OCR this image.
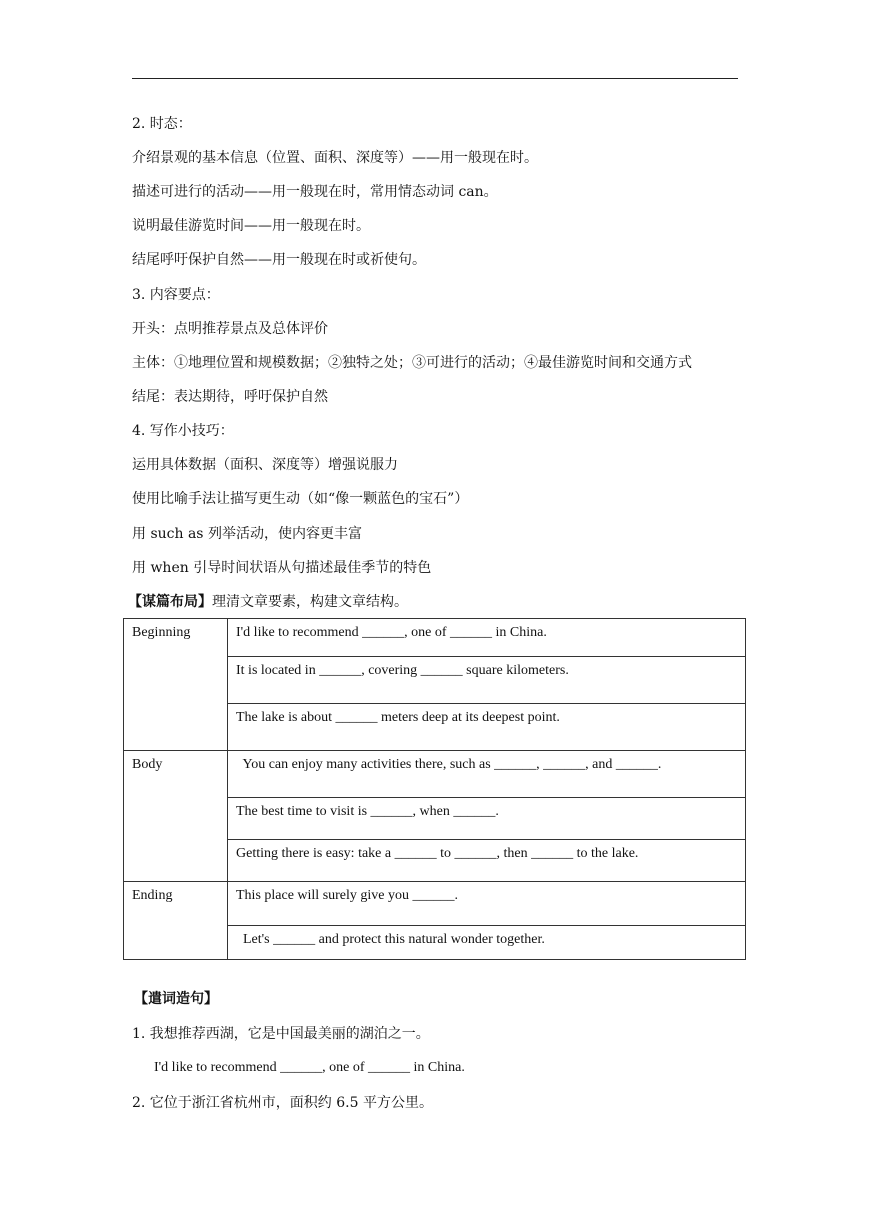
2. 时态：
介绍景观的基本信息（位置、面积、深度等）——用一般现在时。
描述可进行的活动——用一般现在时，常用情态动词 can。
说明最佳游览时间——用一般现在时。
结尾呼吁保护自然——用一般现在时或祈使句。
3. 内容要点：
开头：点明推荐景点及总体评价
主体：①地理位置和规模数据；②独特之处；③可进行的活动；④最佳游览时间和交通方式
结尾：表达期待，呼吁保护自然
4. 写作小技巧：
运用具体数据（面积、深度等）增强说服力
使用比喻手法让描写更生动（如“像一颗蓝色的宝石”）
用 such as 列举活动，使内容更丰富
用 when 引导时间状语从句描述最佳季节的特色
【谋篇布局】理清文章要素，构建文章结构。
Beginning	I'd like to recommend ______, one of ______ in China.
It is located in ______, covering ______ square kilometers.
The lake is about ______ meters deep at its deepest point.

Body	You can enjoy many activities there, such as ______, ______, and ______.
The best time to visit is ______, when ______.
Getting there is easy: take a ______ to ______, then ______ to the lake.

Ending	This place will surely give you ______.
Let's ______ and protect this natural wonder together.
【遣词造句】
1. 我想推荐西湖，它是中国最美丽的湖泊之一。
I'd like to recommend ______, one of ______ in China.
2. 它位于浙江省杭州市，面积约 6.5 平方公里。
